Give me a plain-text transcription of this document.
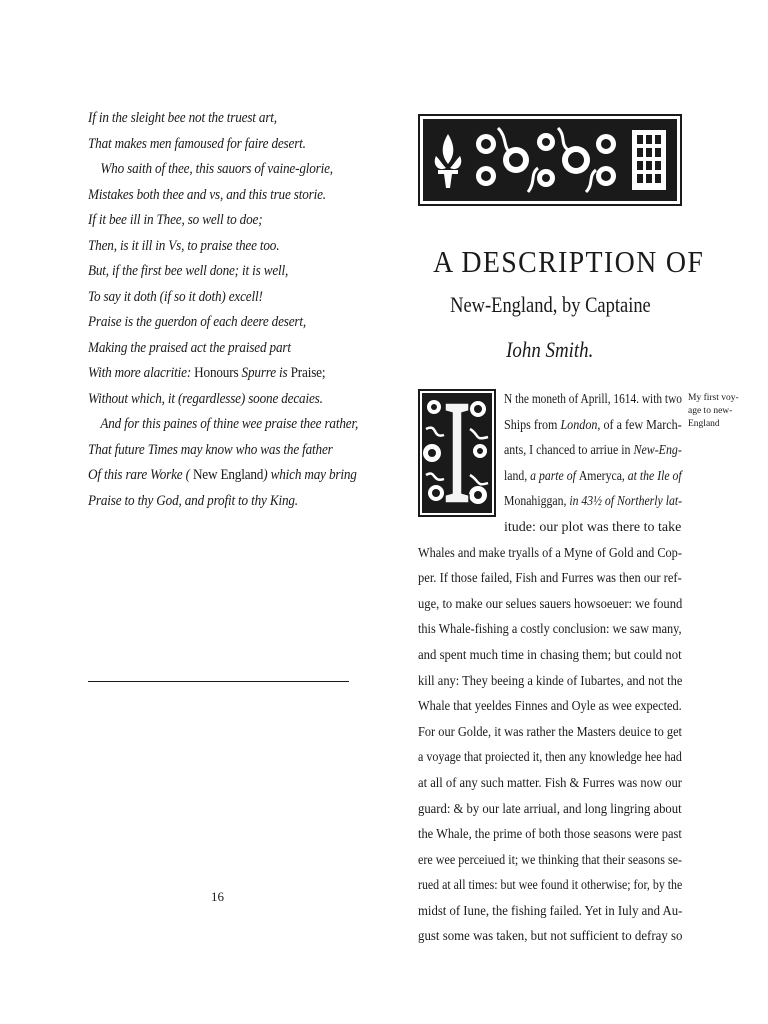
If in the sleight bee not the truest art,
That makes men famoused for faire desert.
Who saith of thee, this sauors of vaine-glorie,
Mistakes both thee and vs, and this true storie.
If it bee ill in Thee, so well to doe;
Then, is it ill in Vs, to praise thee too.
But, if the first bee well done; it is well,
To say it doth (if so it doth) excell!
Praise is the guerdon of each deere desert,
Making the praised act the praised part
With more alacritie: Honours Spurre is Praise;
Without which, it (regardlesse) soone decaies.
And for this paines of thine wee praise thee rather,
That future Times may know who was the father
Of this rare Worke ( New England) which may bring
Praise to thy God, and profit to thy King.
16
A DESCRIPTION OF
New-England, by Captaine
Iohn Smith.
N the moneth of Aprill, 1614. with two
Ships from London, of a few March-
ants, I chanced to arriue in New-Eng-
land, a parte of Ameryca, at the Ile of
Monahiggan, in 43½ of Northerly lat-
itude: our plot was there to take
Whales and make tryalls of a Myne of Gold and Cop-
per. If those failed, Fish and Furres was then our ref-
uge, to make our selues sauers howsoeuer: we found
this Whale-fishing a costly conclusion: we saw many,
and spent much time in chasing them; but could not
kill any: They beeing a kinde of Iubartes, and not the
Whale that yeeldes Finnes and Oyle as wee expected.
For our Golde, it was rather the Masters deuice to get
a voyage that proiected it, then any knowledge hee had
at all of any such matter. Fish & Furres was now our
guard: & by our late arriual, and long lingring about
the Whale, the prime of both those seasons were past
ere wee perceiued it; we thinking that their seasons se-
rued at all times: but wee found it otherwise; for, by the
midst of Iune, the fishing failed. Yet in Iuly and Au-
gust some was taken, but not sufficient to defray so
My first voy-
age to new-
England
